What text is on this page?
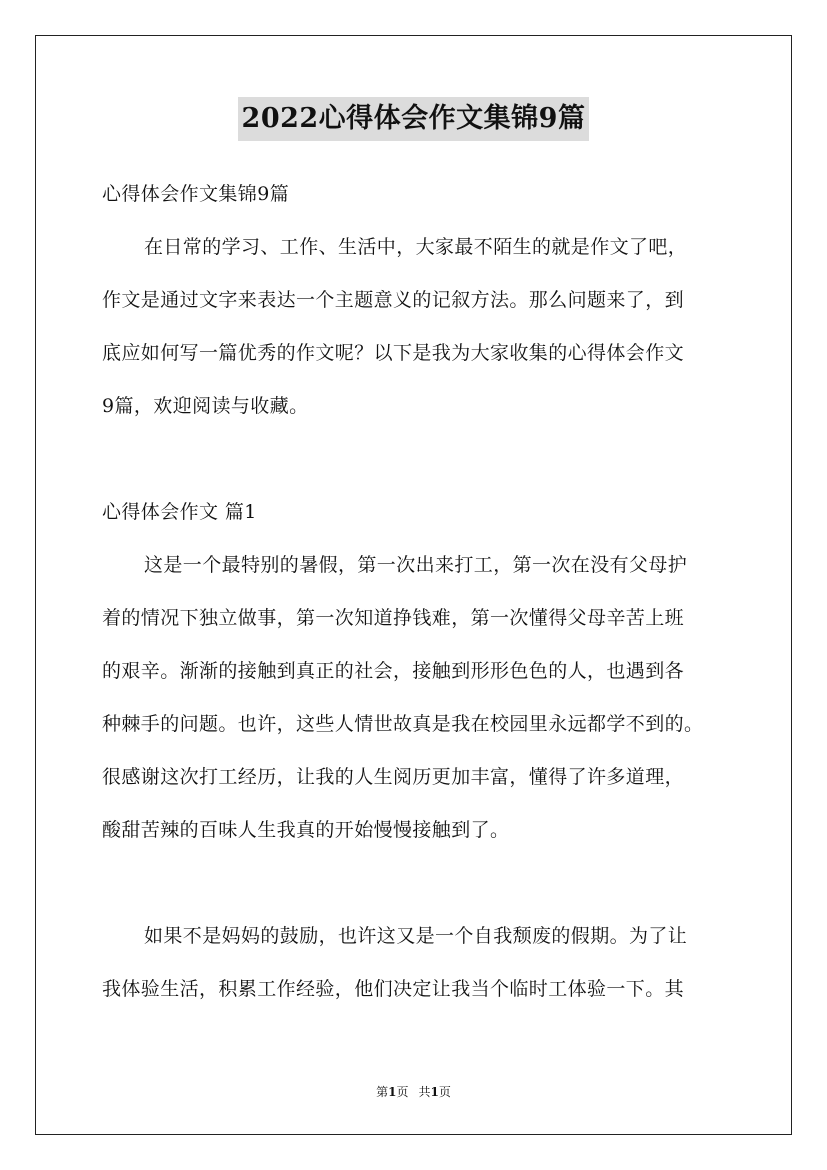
2022心得体会作文集锦9篇
心得体会作文集锦9篇
在日常的学习、工作、生活中，大家最不陌生的就是作文了吧，
作文是通过文字来表达一个主题意义的记叙方法。那么问题来了，到
底应如何写一篇优秀的作文呢？以下是我为大家收集的心得体会作文
9篇，欢迎阅读与收藏。
心得体会作文 篇1
这是一个最特别的暑假，第一次出来打工，第一次在没有父母护
着的情况下独立做事，第一次知道挣钱难，第一次懂得父母辛苦上班
的艰辛。渐渐的接触到真正的社会，接触到形形色色的人，也遇到各
种棘手的问题。也许，这些人情世故真是我在校园里永远都学不到的。
很感谢这次打工经历，让我的人生阅历更加丰富，懂得了许多道理，
酸甜苦辣的百味人生我真的开始慢慢接触到了。
如果不是妈妈的鼓励，也许这又是一个自我颓废的假期。为了让
我体验生活，积累工作经验，他们决定让我当个临时工体验一下。其
第1页 共1页
